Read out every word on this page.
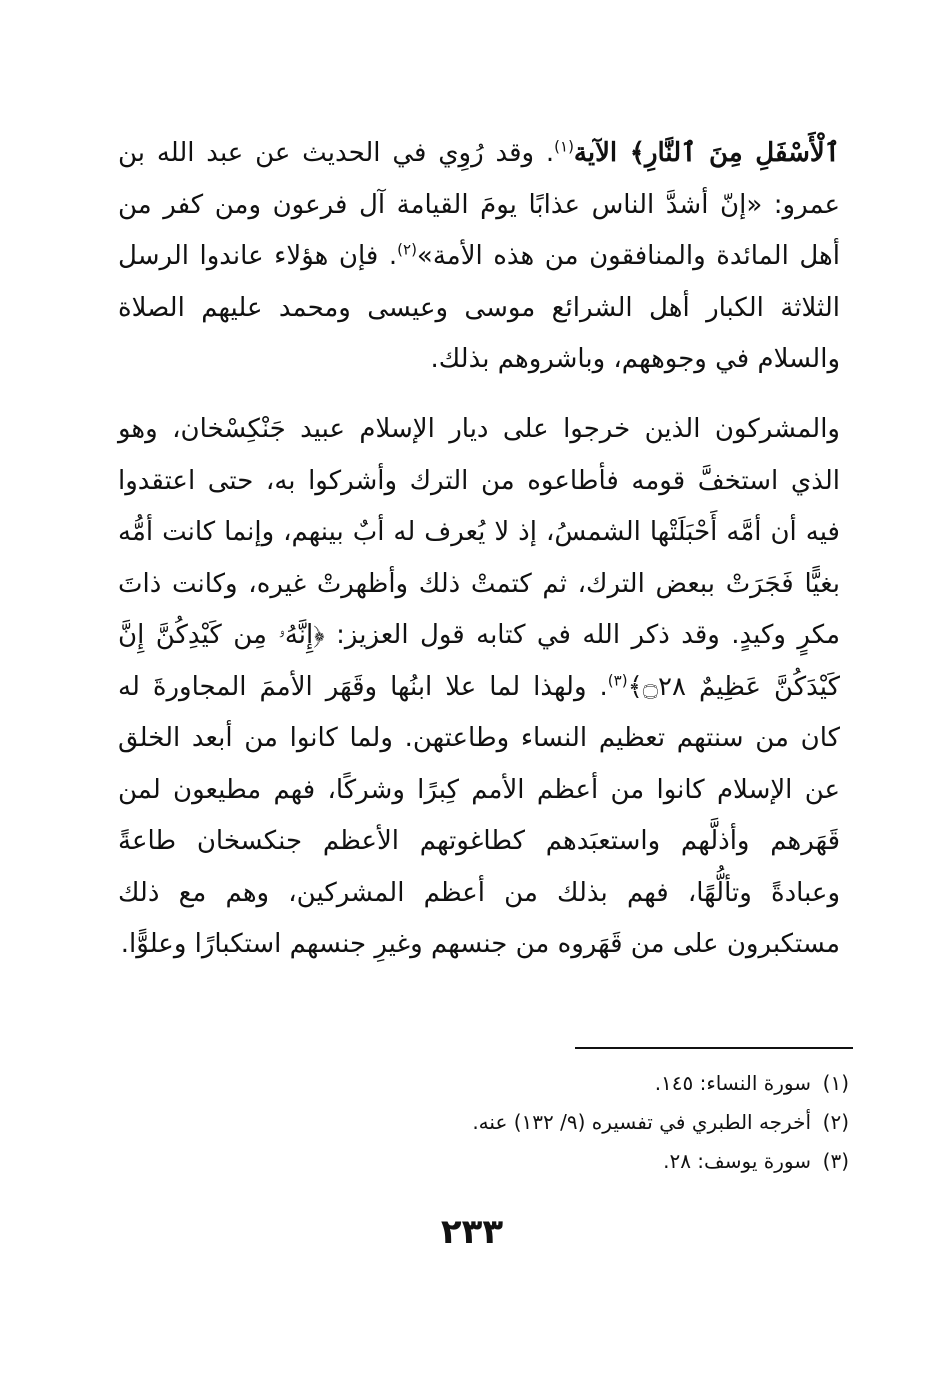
ٱلْأَسْفَلِ مِنَ ٱلنَّارِ﴾ الآية$^{(١)}$. وقد رُوِي في الحديث عن عبد الله بن عمرو: «إنّ أشدَّ الناس عذابًا يومَ القيامة آل فرعون ومن كفر من أهل المائدة والمنافقون من هذه الأمة»$^{(٢)}$. فإن هؤلاء عاندوا الرسل الثلاثة الكبار أهل الشرائع موسى وعيسى ومحمد عليهم الصلاة والسلام في وجوههم، وباشروهم بذلك.

والمشركون الذين خرجوا على ديار الإسلام عبيد جَنْكِسْخان، وهو الذي استخفَّ قومه فأطاعوه من الترك وأشركوا به، حتى اعتقدوا فيه أن أمَّه أَحْبَلَتْها الشمسُ، إذ لا يُعرف له أبٌ بينهم، وإنما كانت أمُّه بغيًّا فَجَرَتْ ببعض الترك، ثم كتمتْ ذلك وأظهرتْ غيره، وكانت ذاتَ مكرٍ وكيدٍ. وقد ذكر الله في كتابه قول العزيز: ﴿إِنَّهُۥ مِن كَيْدِكُنَّ إِنَّ كَيْدَكُنَّ عَظِيمٌ ۝٢٨﴾$^{(٣)}$. ولهذا لما علا ابنُها وقَهَر الأممَ المجاورةَ له كان من سنتهم تعظيم النساء وطاعتهن. ولما كانوا من أبعد الخلق عن الإسلام كانوا من أعظم الأمم كِبرًا وشركًا، فهم مطيعون لمن قَهَرهم وأذلَّهم واستعبَدهم كطاغوتهم الأعظم جنكسخان طاعةً وعبادةً وتألُّهًا، فهم بذلك من أعظم المشركين، وهم مع ذلك مستكبرون على من قَهَروه من جنسهم وغيرِ جنسهم استكبارًا وعلوًّا.

(١)سورة النساء: ١٤٥.
(٢)أخرجه الطبري في تفسيره (٩/ ١٣٢) عنه.
(٣)سورة يوسف: ٢٨.
٢٣٣
